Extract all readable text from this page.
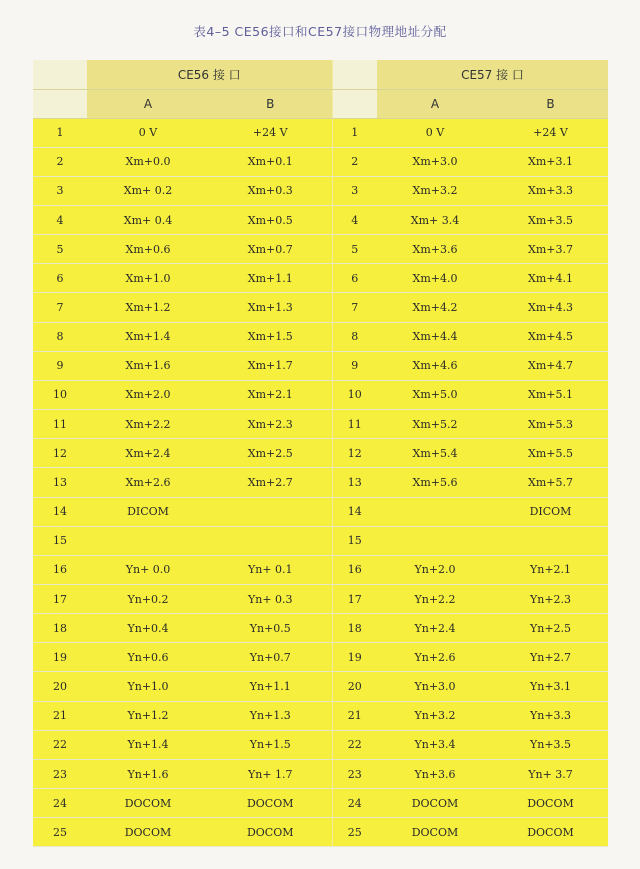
表4–5 CE56接口和CE57接口物理地址分配
	CE56 接 口			CE57 接 口	
	A	B		A	B
1	0 V	+24 V	1	0 V	+24 V
2	Xm+0.0	Xm+0.1	2	Xm+3.0	Xm+3.1
3	Xm+ 0.2	Xm+0.3	3	Xm+3.2	Xm+3.3
4	Xm+ 0.4	Xm+0.5	4	Xm+ 3.4	Xm+3.5
5	Xm+0.6	Xm+0.7	5	Xm+3.6	Xm+3.7
6	Xm+1.0	Xm+1.1	6	Xm+4.0	Xm+4.1
7	Xm+1.2	Xm+1.3	7	Xm+4.2	Xm+4.3
8	Xm+1.4	Xm+1.5	8	Xm+4.4	Xm+4.5
9	Xm+1.6	Xm+1.7	9	Xm+4.6	Xm+4.7
10	Xm+2.0	Xm+2.1	10	Xm+5.0	Xm+5.1
11	Xm+2.2	Xm+2.3	11	Xm+5.2	Xm+5.3
12	Xm+2.4	Xm+2.5	12	Xm+5.4	Xm+5.5
13	Xm+2.6	Xm+2.7	13	Xm+5.6	Xm+5.7
14	DICOM		14		DICOM
15			15		
16	Yn+ 0.0	Yn+ 0.1	16	Yn+2.0	Yn+2.1
17	Yn+0.2	Yn+ 0.3	17	Yn+2.2	Yn+2.3
18	Yn+0.4	Yn+0.5	18	Yn+2.4	Yn+2.5
19	Yn+0.6	Yn+0.7	19	Yn+2.6	Yn+2.7
20	Yn+1.0	Yn+1.1	20	Yn+3.0	Yn+3.1
21	Yn+1.2	Yn+1.3	21	Yn+3.2	Yn+3.3
22	Yn+1.4	Yn+1.5	22	Yn+3.4	Yn+3.5
23	Yn+1.6	Yn+ 1.7	23	Yn+3.6	Yn+ 3.7
24	DOCOM	DOCOM	24	DOCOM	DOCOM
25	DOCOM	DOCOM	25	DOCOM	DOCOM
